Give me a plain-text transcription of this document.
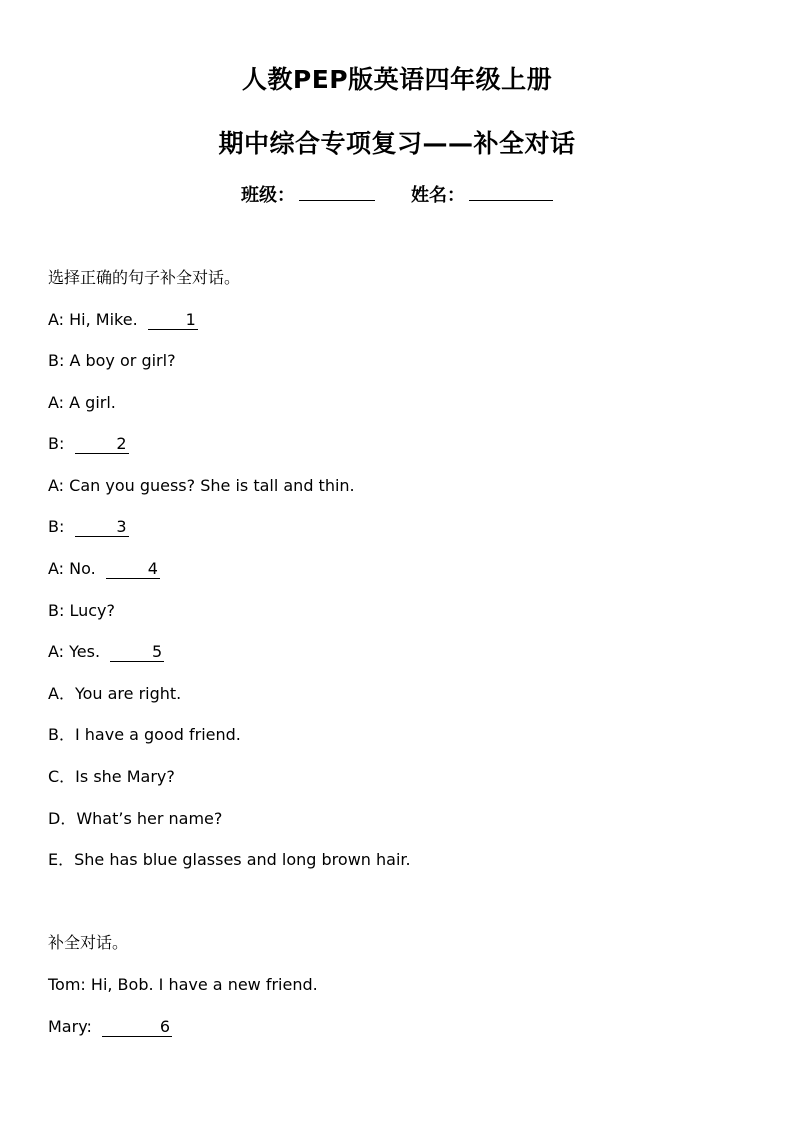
人教PEP版英语四年级上册
期中综合专项复习——补全对话
班级：	姓名：
选择正确的句子补全对话。
A: Hi, Mike.  1
B: A boy or girl?
A: A girl.
B:	2
A: Can you guess? She is tall and thin.
B:	3
A: No.	4
B: Lucy?
A: Yes.	5
A．You are right.
B．I have a good friend.
C．Is she Mary?
D．What’s her name?
E．She has blue glasses and long brown hair.
补全对话。
Tom: Hi, Bob. I have a new friend.
Mary:	6
